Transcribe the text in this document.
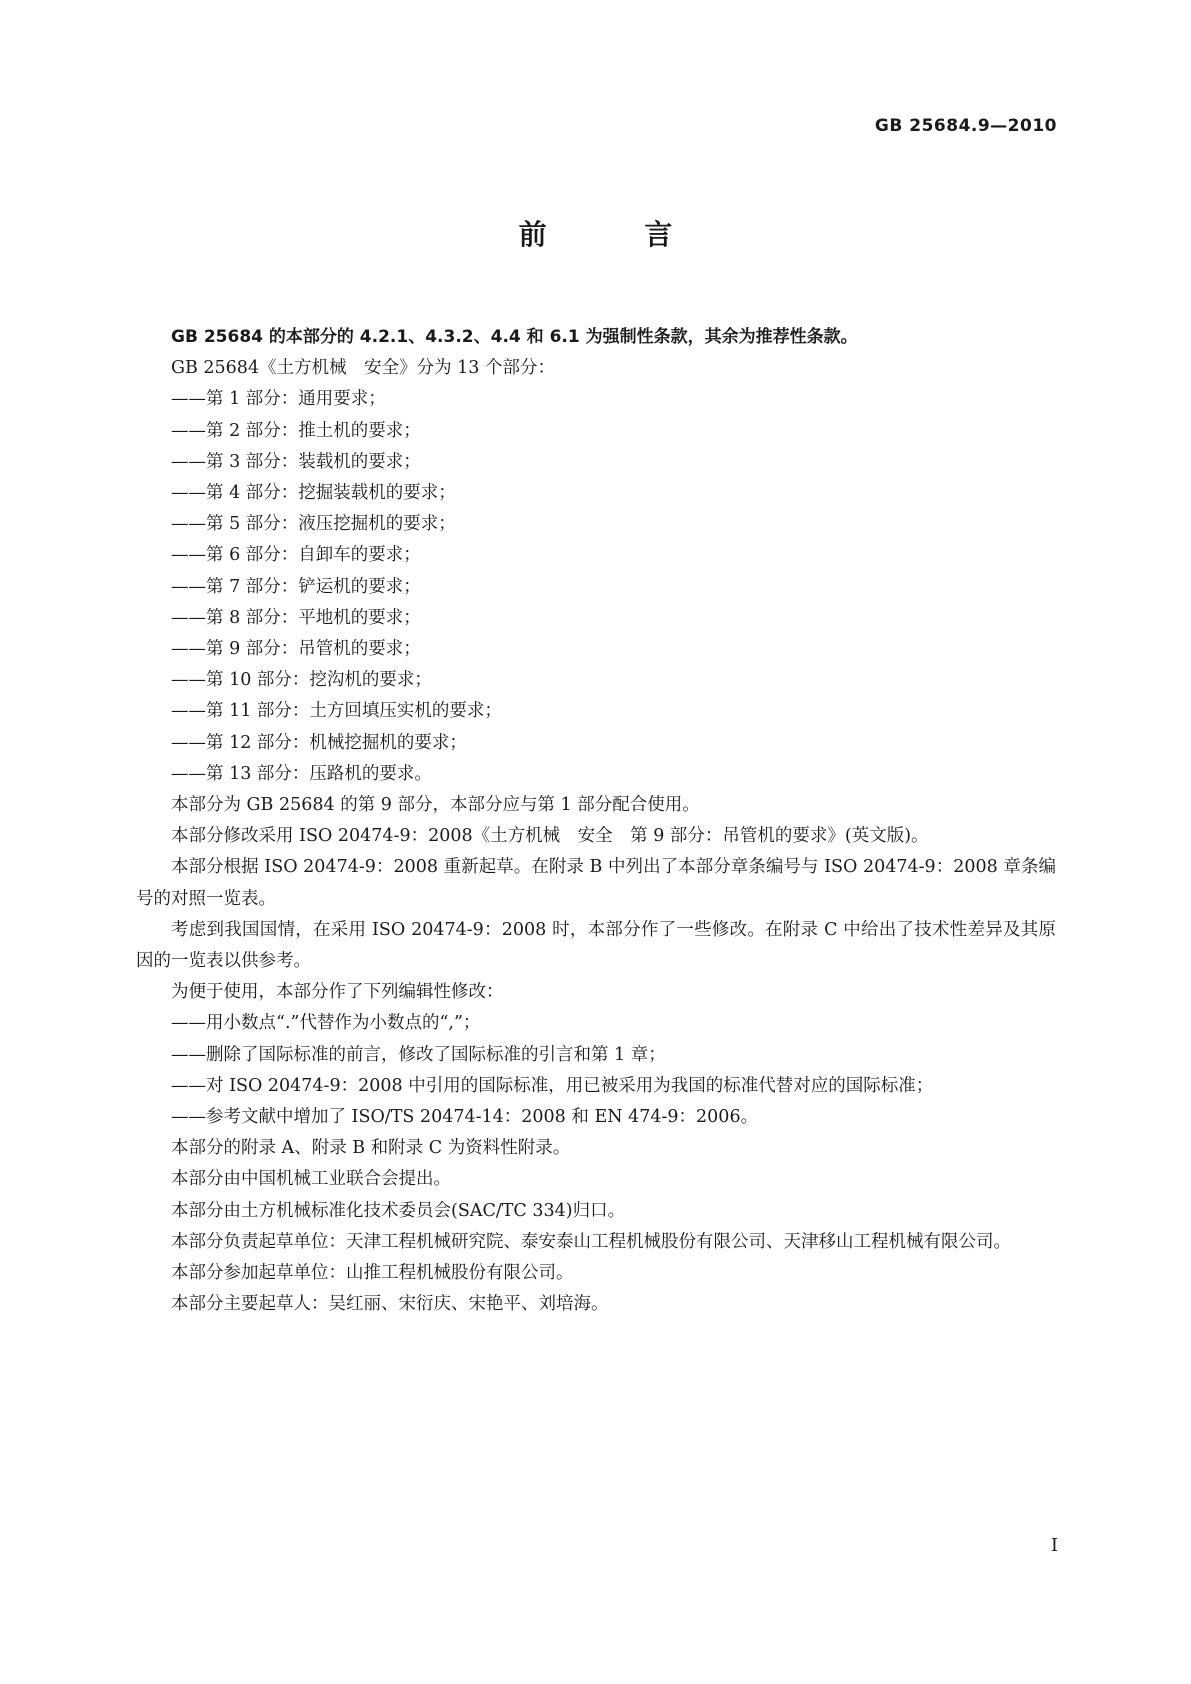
GB 25684.9—2010
前 言

GB 25684 的本部分的 4.2.1、4.3.2、4.4 和 6.1 为强制性条款，其余为推荐性条款。

GB 25684《土方机械　安全》分为 13 个部分：

——第 1 部分：通用要求；

——第 2 部分：推土机的要求；

——第 3 部分：装载机的要求；

——第 4 部分：挖掘装载机的要求；

——第 5 部分：液压挖掘机的要求；

——第 6 部分：自卸车的要求；

——第 7 部分：铲运机的要求；

——第 8 部分：平地机的要求；

——第 9 部分：吊管机的要求；

——第 10 部分：挖沟机的要求；

——第 11 部分：土方回填压实机的要求；

——第 12 部分：机械挖掘机的要求；

——第 13 部分：压路机的要求。

本部分为 GB 25684 的第 9 部分，本部分应与第 1 部分配合使用。

本部分修改采用 ISO 20474-9：2008《土方机械　安全　第 9 部分：吊管机的要求》(英文版)。

本部分根据 ISO 20474-9：2008 重新起草。在附录 B 中列出了本部分章条编号与 ISO 20474-9：2008 章条编号的对照一览表。

考虑到我国国情，在采用 ISO 20474-9：2008 时，本部分作了一些修改。在附录 C 中给出了技术性差异及其原因的一览表以供参考。

为便于使用，本部分作了下列编辑性修改：

——用小数点“.”代替作为小数点的“,”；

——删除了国际标准的前言，修改了国际标准的引言和第 1 章；

——对 ISO 20474-9：2008 中引用的国际标准，用已被采用为我国的标准代替对应的国际标准；

——参考文献中增加了 ISO/TS 20474-14：2008 和 EN 474-9：2006。

本部分的附录 A、附录 B 和附录 C 为资料性附录。

本部分由中国机械工业联合会提出。

本部分由土方机械标准化技术委员会(SAC/TC 334)归口。

本部分负责起草单位：天津工程机械研究院、泰安泰山工程机械股份有限公司、天津移山工程机械有限公司。

本部分参加起草单位：山推工程机械股份有限公司。

本部分主要起草人：吴红丽、宋衍庆、宋艳平、刘培海。

I
